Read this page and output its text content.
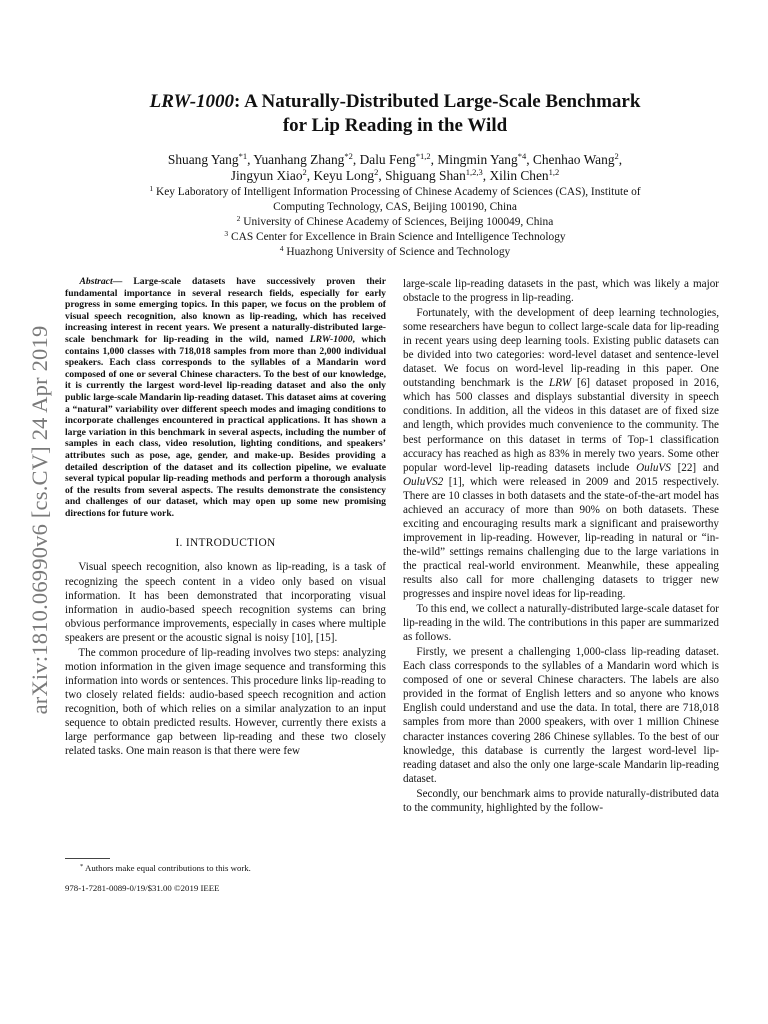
arXiv:1810.06990v6 [cs.CV] 24 Apr 2019
LRW-1000: A Naturally-Distributed Large-Scale Benchmark
for Lip Reading in the Wild
Shuang Yang$^{*1}$, Yuanhang Zhang$^{*2}$, Dalu Feng$^{*1,2}$, Mingmin Yang$^{*4}$, Chenhao Wang$^2$,
Jingyun Xiao$^2$, Keyu Long$^2$, Shiguang Shan$^{1,2,3}$, Xilin Chen$^{1,2}$
$^1$ Key Laboratory of Intelligent Information Processing of Chinese Academy of Sciences (CAS), Institute of
Computing Technology, CAS, Beijing 100190, China
$^2$ University of Chinese Academy of Sciences, Beijing 100049, China
$^3$ CAS Center for Excellence in Brain Science and Intelligence Technology
$^4$ Huazhong University of Science and Technology

Abstract— Large-scale datasets have successively proven their fundamental importance in several research fields, especially for early progress in some emerging topics. In this paper, we focus on the problem of visual speech recognition, also known as lip-reading, which has received increasing interest in recent years. We present a naturally-distributed large-scale benchmark for lip-reading in the wild, named LRW-1000, which contains 1,000 classes with 718,018 samples from more than 2,000 individual speakers. Each class corresponds to the syllables of a Mandarin word composed of one or several Chinese characters. To the best of our knowledge, it is currently the largest word-level lip-reading dataset and also the only public large-scale Mandarin lip-reading dataset. This dataset aims at covering a “natural” variability over different speech modes and imaging conditions to incorporate challenges encountered in practical applications. It has shown a large variation in this benchmark in several aspects, including the number of samples in each class, video resolution, lighting conditions, and speakers’ attributes such as pose, age, gender, and make-up. Besides providing a detailed description of the dataset and its collection pipeline, we evaluate several typical popular lip-reading methods and perform a thorough analysis of the results from several aspects. The results demonstrate the consistency and challenges of our dataset, which may open up some new promising directions for future work.

I. INTRODUCTION

Visual speech recognition, also known as lip-reading, is a task of recognizing the speech content in a video only based on visual information. It has been demonstrated that incorporating visual information in audio-based speech recognition systems can bring obvious performance improvements, especially in cases where multiple speakers are present or the acoustic signal is noisy [10], [15].

The common procedure of lip-reading involves two steps: analyzing motion information in the given image sequence and transforming this information into words or sentences. This procedure links lip-reading to two closely related fields: audio-based speech recognition and action recognition, both of which relies on a similar analyzation to an input sequence to obtain predicted results. However, currently there exists a large performance gap between lip-reading and these two closely related tasks. One main reason is that there were few

large-scale lip-reading datasets in the past, which was likely a major obstacle to the progress in lip-reading.

Fortunately, with the development of deep learning technologies, some researchers have begun to collect large-scale data for lip-reading in recent years using deep learning tools. Existing public datasets can be divided into two categories: word-level dataset and sentence-level dataset. We focus on word-level lip-reading in this paper. One outstanding benchmark is the LRW [6] dataset proposed in 2016, which has 500 classes and displays substantial diversity in speech conditions. In addition, all the videos in this dataset are of fixed size and length, which provides much convenience to the community. The best performance on this dataset in terms of Top-1 classification accuracy has reached as high as 83% in merely two years. Some other popular word-level lip-reading datasets include OuluVS [22] and OuluVS2 [1], which were released in 2009 and 2015 respectively. There are 10 classes in both datasets and the state-of-the-art model has achieved an accuracy of more than 90% on both datasets. These exciting and encouraging results mark a significant and praiseworthy improvement in lip-reading. However, lip-reading in natural or “in-the-wild” settings remains challenging due to the large variations in the practical real-world environment. Meanwhile, these appealing results also call for more challenging datasets to trigger new progresses and inspire novel ideas for lip-reading.

To this end, we collect a naturally-distributed large-scale dataset for lip-reading in the wild. The contributions in this paper are summarized as follows.

Firstly, we present a challenging 1,000-class lip-reading dataset. Each class corresponds to the syllables of a Mandarin word which is composed of one or several Chinese characters. The labels are also provided in the format of English letters and so anyone who knows English could understand and use the data. In total, there are 718,018 samples from more than 2000 speakers, with over 1 million Chinese character instances covering 286 Chinese syllables. To the best of our knowledge, this database is currently the largest word-level lip-reading dataset and also the only one large-scale Mandarin lip-reading dataset.

Secondly, our benchmark aims to provide naturally-distributed data to the community, highlighted by the follow-

* Authors make equal contributions to this work.
978-1-7281-0089-0/19/$31.00 ©2019 IEEE
